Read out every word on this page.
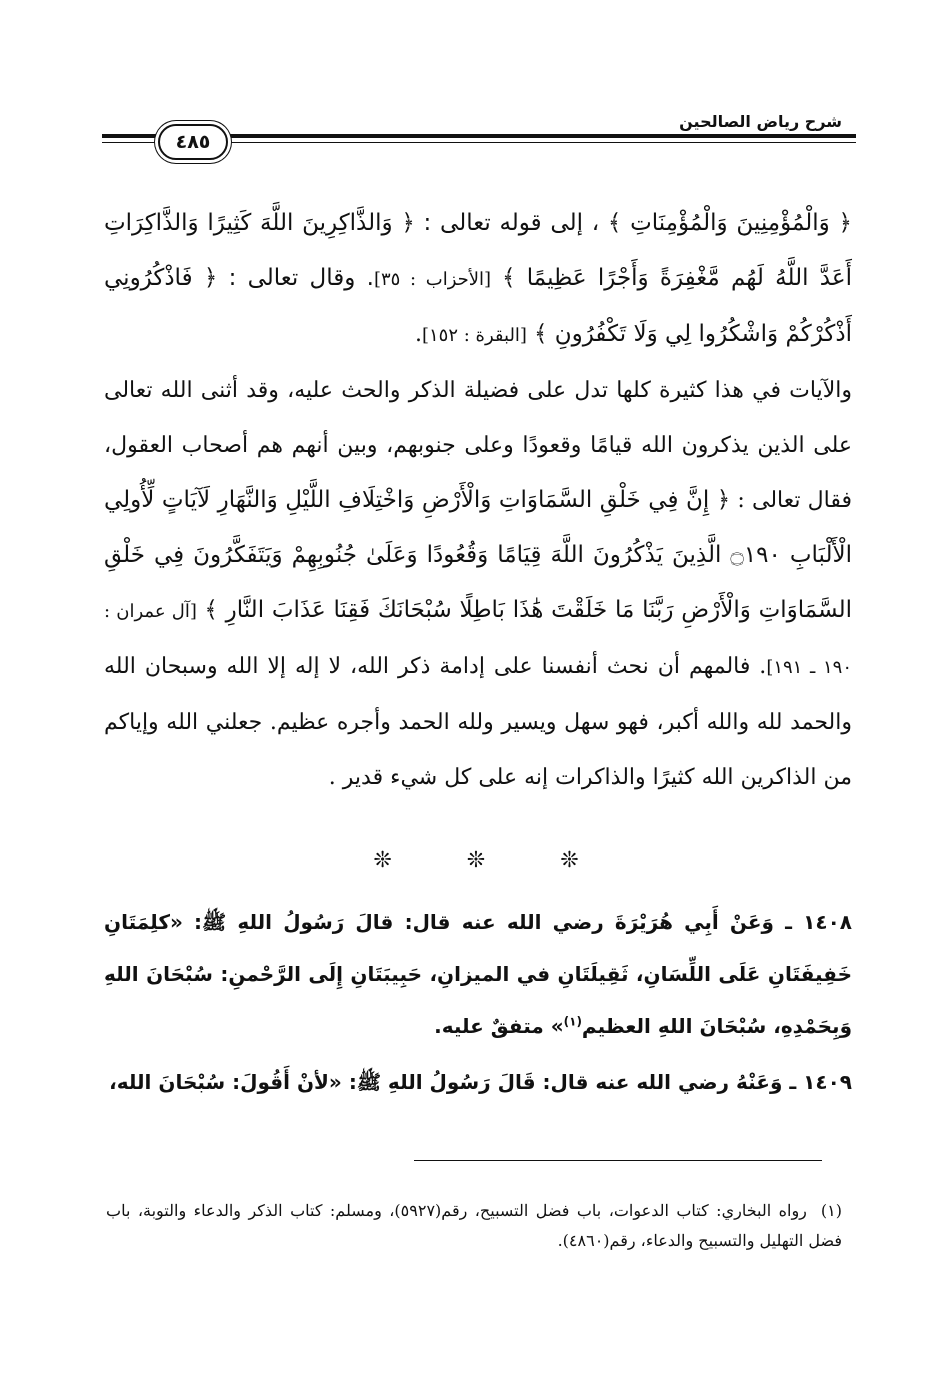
شرح رياض الصالحين
٤٨٥

﴿ وَالْمُؤْمِنِينَ وَالْمُؤْمِنَاتِ ﴾ ، إلى قوله تعالى : ﴿ وَالذَّاكِرِينَ اللَّهَ كَثِيرًا وَالذَّاكِرَاتِ أَعَدَّ اللَّهُ لَهُم مَّغْفِرَةً وَأَجْرًا عَظِيمًا ﴾ [الأحزاب : ٣٥]. وقال تعالى : ﴿ فَاذْكُرُونِي أَذْكُرْكُمْ وَاشْكُرُوا لِي وَلَا تَكْفُرُونِ ﴾ [البقرة : ١٥٢].

والآيات في هذا كثيرة كلها تدل على فضيلة الذكر والحث عليه، وقد أثنى الله تعالى على الذين يذكرون الله قيامًا وقعودًا وعلى جنوبهم، وبين أنهم هم أصحاب العقول، فقال تعالى : ﴿ إِنَّ فِي خَلْقِ السَّمَاوَاتِ وَالْأَرْضِ وَاخْتِلَافِ اللَّيْلِ وَالنَّهَارِ لَآيَاتٍ لِّأُولِي الْأَلْبَابِ ۝١٩٠ الَّذِينَ يَذْكُرُونَ اللَّهَ قِيَامًا وَقُعُودًا وَعَلَىٰ جُنُوبِهِمْ وَيَتَفَكَّرُونَ فِي خَلْقِ السَّمَاوَاتِ وَالْأَرْضِ رَبَّنَا مَا خَلَقْتَ هَٰذَا بَاطِلًا سُبْحَانَكَ فَقِنَا عَذَابَ النَّارِ ﴾ [آل عمران : ١٩٠ ـ ١٩١]. فالمهم أن نحث أنفسنا على إدامة ذكر الله، لا إله إلا الله وسبحان الله والحمد لله والله أكبر، فهو سهل ويسير ولله الحمد وأجره عظيم. جعلني الله وإياكم من الذاكرين الله كثيرًا والذاكرات إنه على كل شيء قدير .

❊	❊	❊

١٤٠٨ ـ وَعَنْ أَبِي هُرَيْرَةَ رضي الله عنه قال: قالَ رَسُولُ اللهِ ﷺ: «كلِمَتَانِ خَفِيفَتَانِ عَلَى اللِّسَانِ، ثَقِيلَتَانِ في الميزانِ، حَبِيبَتَانِ إِلَى الرَّحْمنِ: سُبْحَانَ اللهِ وَبِحَمْدِهِ، سُبْحَانَ اللهِ العظيم$^{(١)}$» متفقٌ عليه.

١٤٠٩ ـ وَعَنْهُ رضي الله عنه قال: قَالَ رَسُولُ اللهِ ﷺ: «لأنْ أَقُولَ: سُبْحَانَ الله،

(١)رواه البخاري: كتاب الدعوات، باب فضل التسبيح، رقم(٥٩٢٧)، ومسلم: كتاب الذكر والدعاء والتوبة، باب فضل التهليل والتسبيح والدعاء، رقم(٤٨٦٠).
